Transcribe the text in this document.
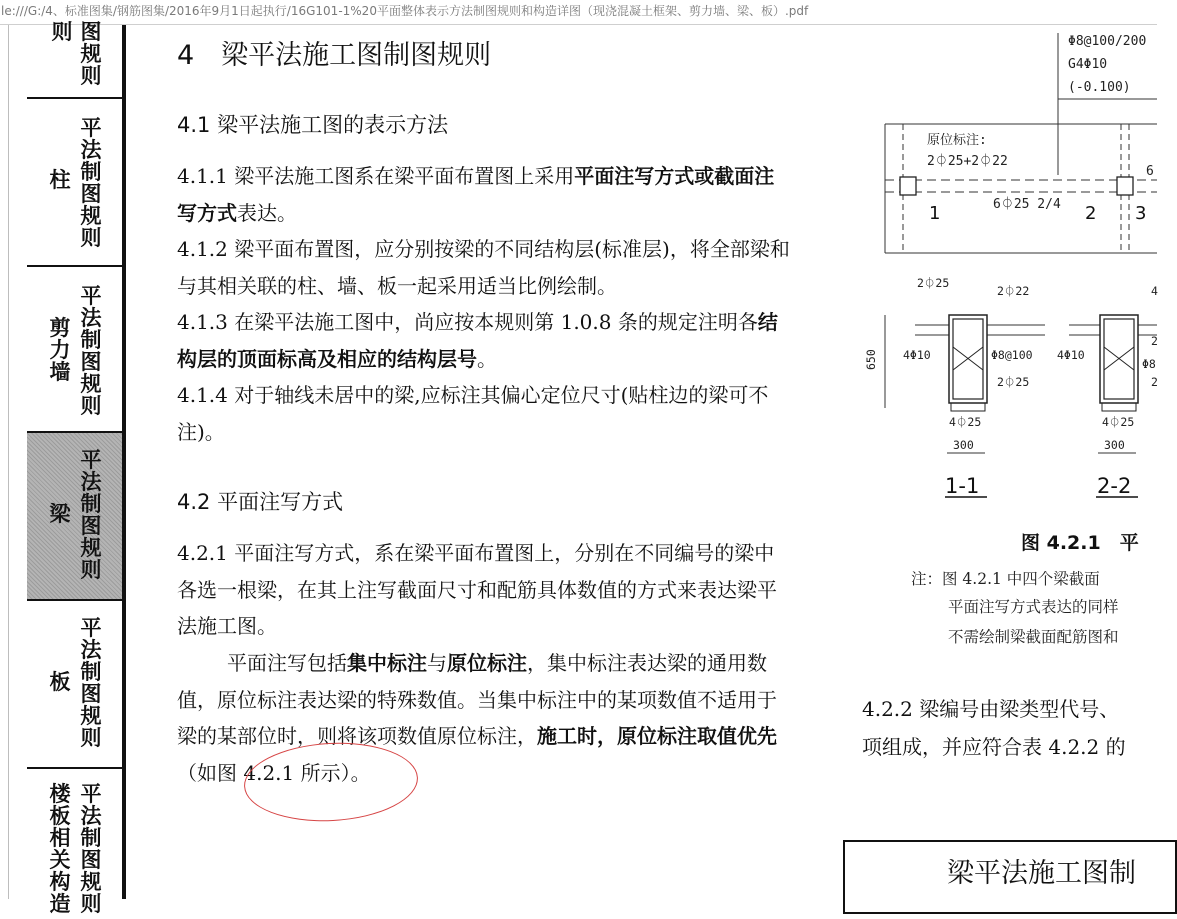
le:///G:/4、标准图集/钢筋图集/2016年9月1日起执行/16G101-1%20平面整体表示方法制图规则和构造详图（现浇混凝土框架、剪力墙、梁、板）.pdf
则 图规则
柱
平法制图规则
剪力墙
平法制图规则
梁
平法制图规则
板
平法制图规则
楼板相关构造
平法制图规则
4　梁平法施工图制图规则
4.1 梁平法施工图的表示方法
4.1.1 梁平法施工图系在梁平面布置图上采用平面注写方式或截面注写方式表达。
4.1.2 梁平面布置图，应分别按梁的不同结构层(标准层)，将全部梁和与其相关联的柱、墙、板一起采用适当比例绘制。
4.1.3 在梁平法施工图中，尚应按本规则第 1.0.8 条的规定注明各结构层的顶面标高及相应的结构层号。
4.1.4 对于轴线未居中的梁,应标注其偏心定位尺寸(贴柱边的梁可不注)。
4.2 平面注写方式
4.2.1 平面注写方式，系在梁平面布置图上，分别在不同编号的梁中各选一根梁，在其上注写截面尺寸和配筋具体数值的方式来表达梁平法施工图。
平面注写包括集中标注与原位标注，集中标注表达梁的通用数值，原位标注表达梁的特殊数值。当集中标注中的某项数值不适用于梁的某部位时，则将该项数值原位标注，施工时，原位标注取值优先（如图 4.2.1 所示）。
Φ8@100/200
G4Φ10
(-0.100)
原位标注:
2⏀25+2⏀22
6⏀25 2/4
6
1	2 3
2⏀25
2⏀22
4Φ10	Φ8@100
2⏀25
4⏀25
650
300
1-1
4
4Φ10
Φ8
2
2
4⏀25
300
2-2
图 4.2.1　平
注：图 4.2.1 中四个梁截面
平面注写方式表达的同样
不需绘制梁截面配筋图和
4.2.2 梁编号由梁类型代号、
项组成，并应符合表 4.2.2 的
梁平法施工图制
